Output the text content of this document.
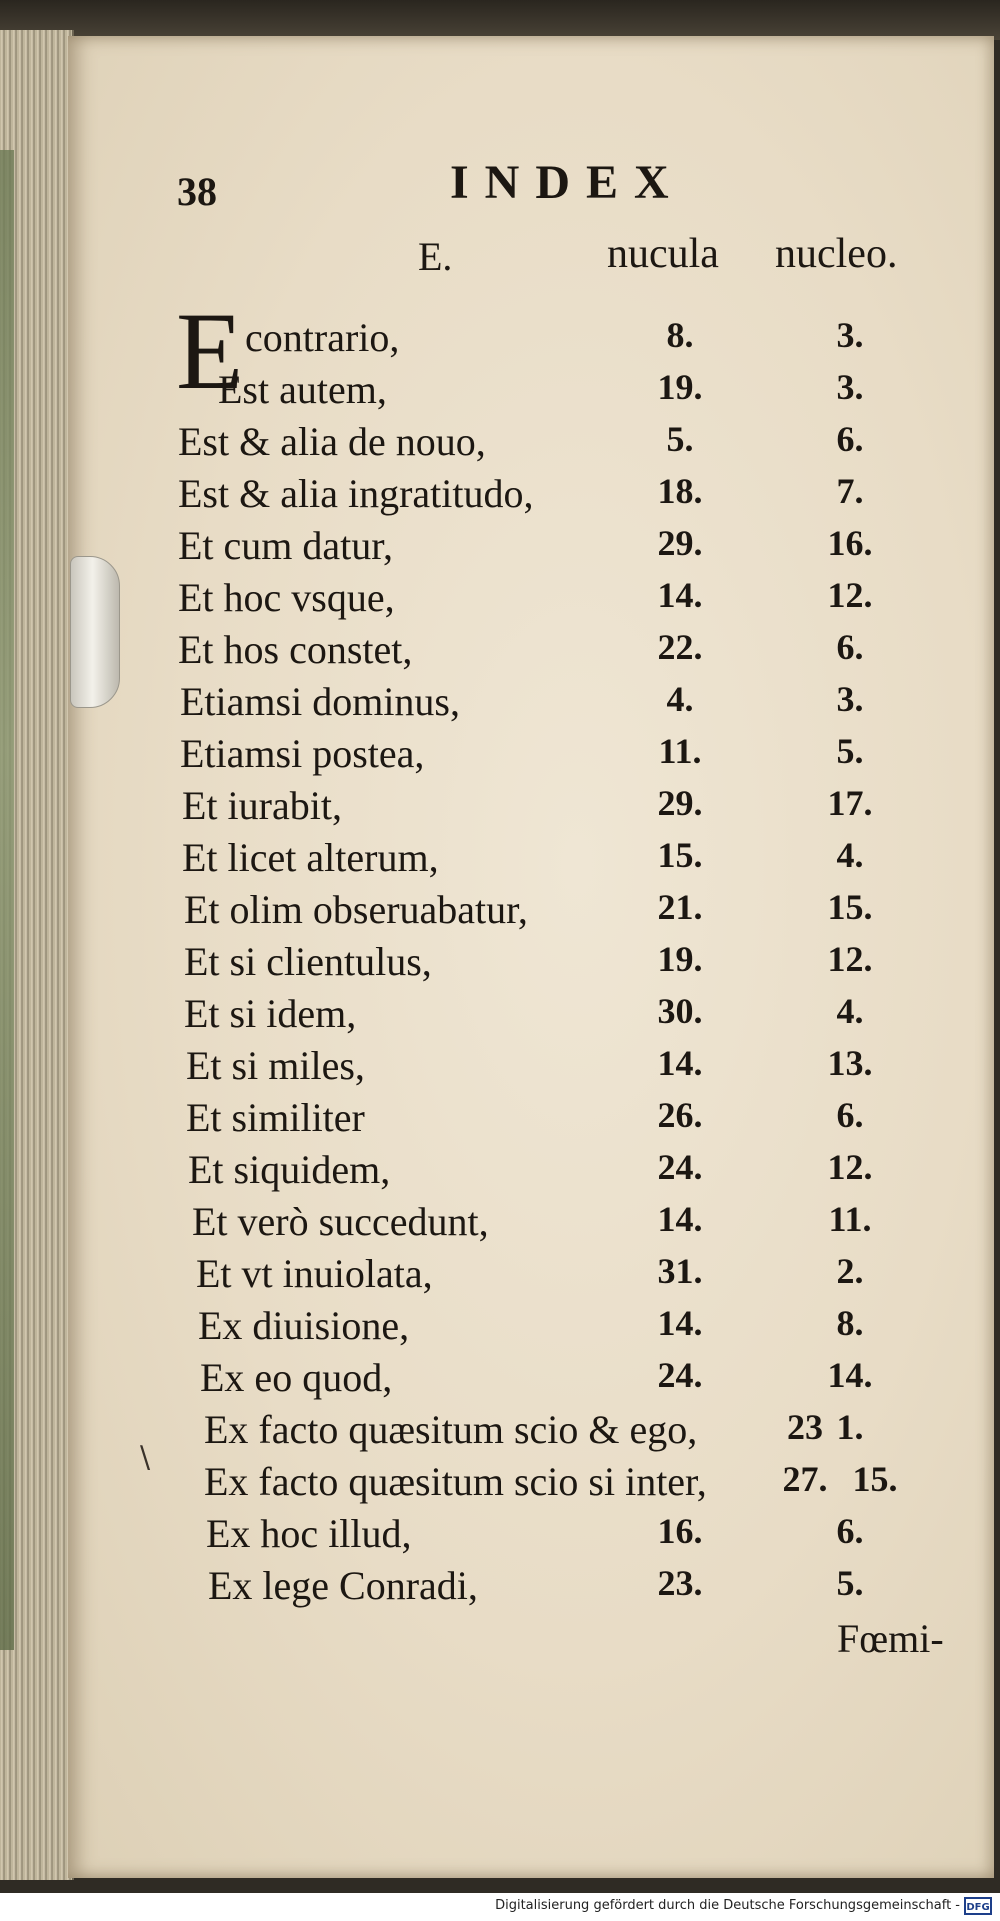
38	INDEX
E.	nucula nucleo.
E contrario,	8.	3.
Est autem,	19.	3.
Est & alia de nouo,	5.	6.
Est & alia ingratitudo,	18.	7.
Et cum datur,	29.	16.
Et hoc vsque,	14.	12.
Et hos constet,	22.	6.
Etiamsi dominus,	4.	3.
Etiamsi postea,	11.	5.
Et iurabit,	29.	17.
Et licet alterum,	15.	4.
Et olim obseruabatur,	21.	15.
Et si clientulus,	19.	12.
Et si idem,	30.	4.
Et si miles,	14.	13.
Et similiter	26.	6.
Et siquidem,	24.	12.
Et verò succedunt,	14.	11.
Et vt inuiolata,	31.	2.
Ex diuisione,	14.	8.
Ex eo quod,	24.	14.
Ex facto quæsitum scio & ego,	23 1.
Ex facto quæsitum scio si inter,	27. 15.
Ex hoc illud,	16.	6.
Ex lege Conradi,	23.	5.
Fœmi-
\
Digitalisierung gefördert durch die Deutsche Forschungsgemeinschaft - DFG
